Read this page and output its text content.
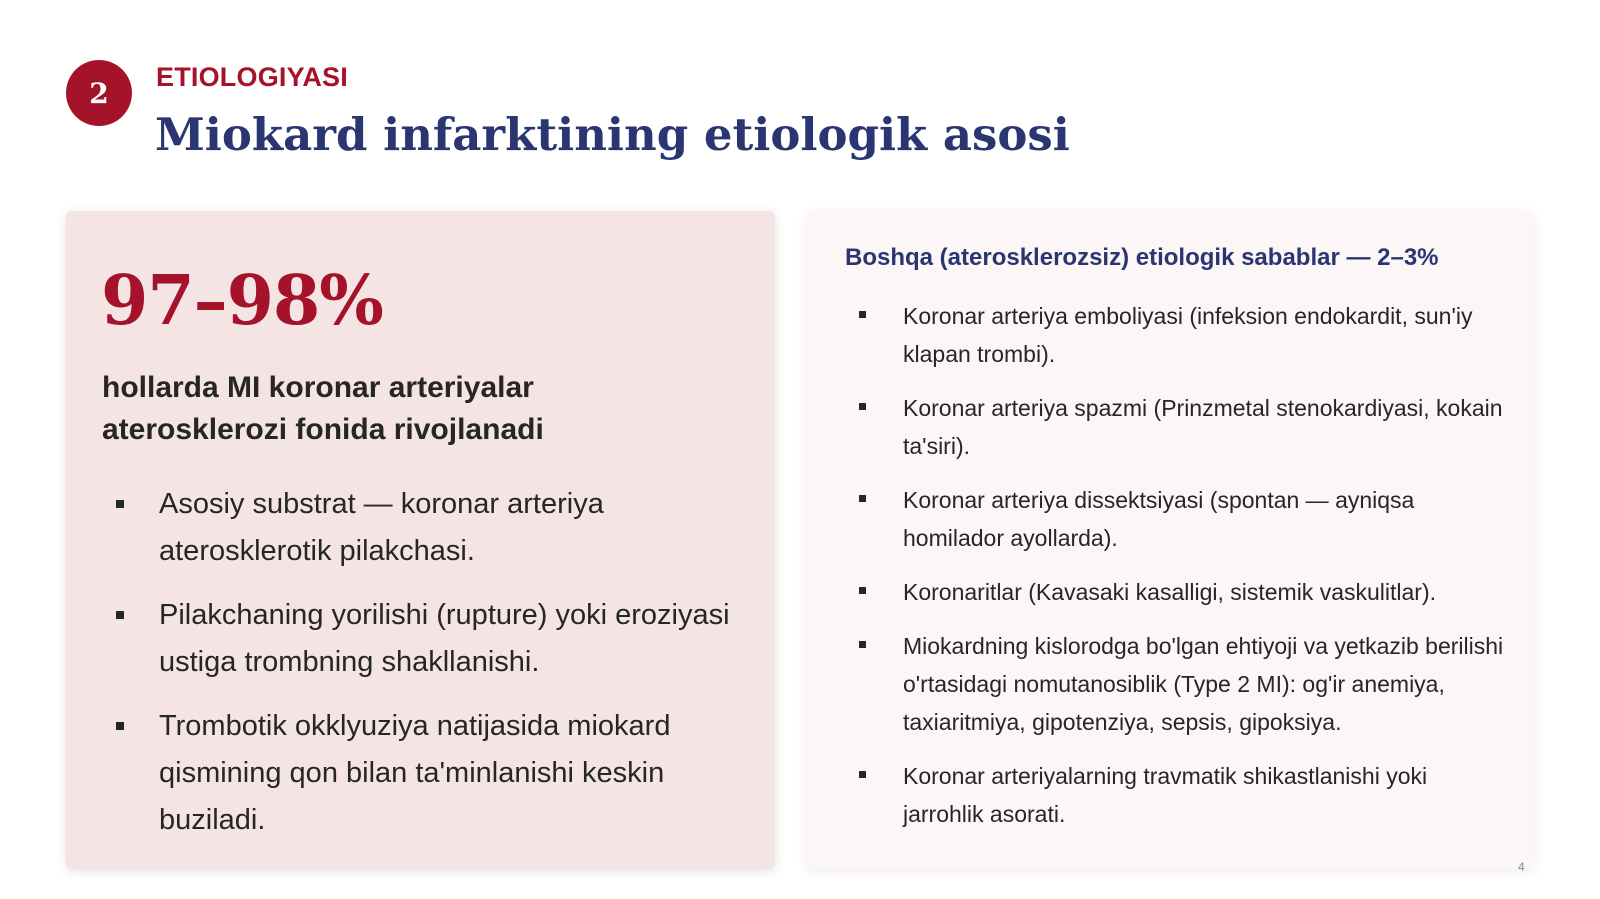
2	ETIOLOGIYASI
Miokard infarktining etiologik asosi
97–98%
hollarda MI koronar arteriyalar aterosklerozi fonida rivojlanadi
Asosiy substrat — koronar arteriya aterosklerotik pilakchasi.
Pilakchaning yorilishi (rupture) yoki eroziyasi ustiga trombning shakllanishi.
Trombotik okklyuziya natijasida miokard qismining qon bilan ta'minlanishi keskin buziladi.
Boshqa (aterosklerozsiz) etiologik sabablar — 2–3%
Koronar arteriya emboliyasi (infeksion endokardit, sun'iy klapan trombi).
Koronar arteriya spazmi (Prinzmetal stenokardiyasi, kokain ta'siri).
Koronar arteriya dissektsiyasi (spontan — ayniqsa homilador ayollarda).
Koronaritlar (Kavasaki kasalligi, sistemik vaskulitlar).
Miokardning kislorodga bo'lgan ehtiyoji va yetkazib berilishi o'rtasidagi nomutanosiblik (Type 2 MI): og'ir anemiya, taxiaritmiya, gipotenziya, sepsis, gipoksiya.
Koronar arteriyalarning travmatik shikastlanishi yoki jarrohlik asorati.
4
